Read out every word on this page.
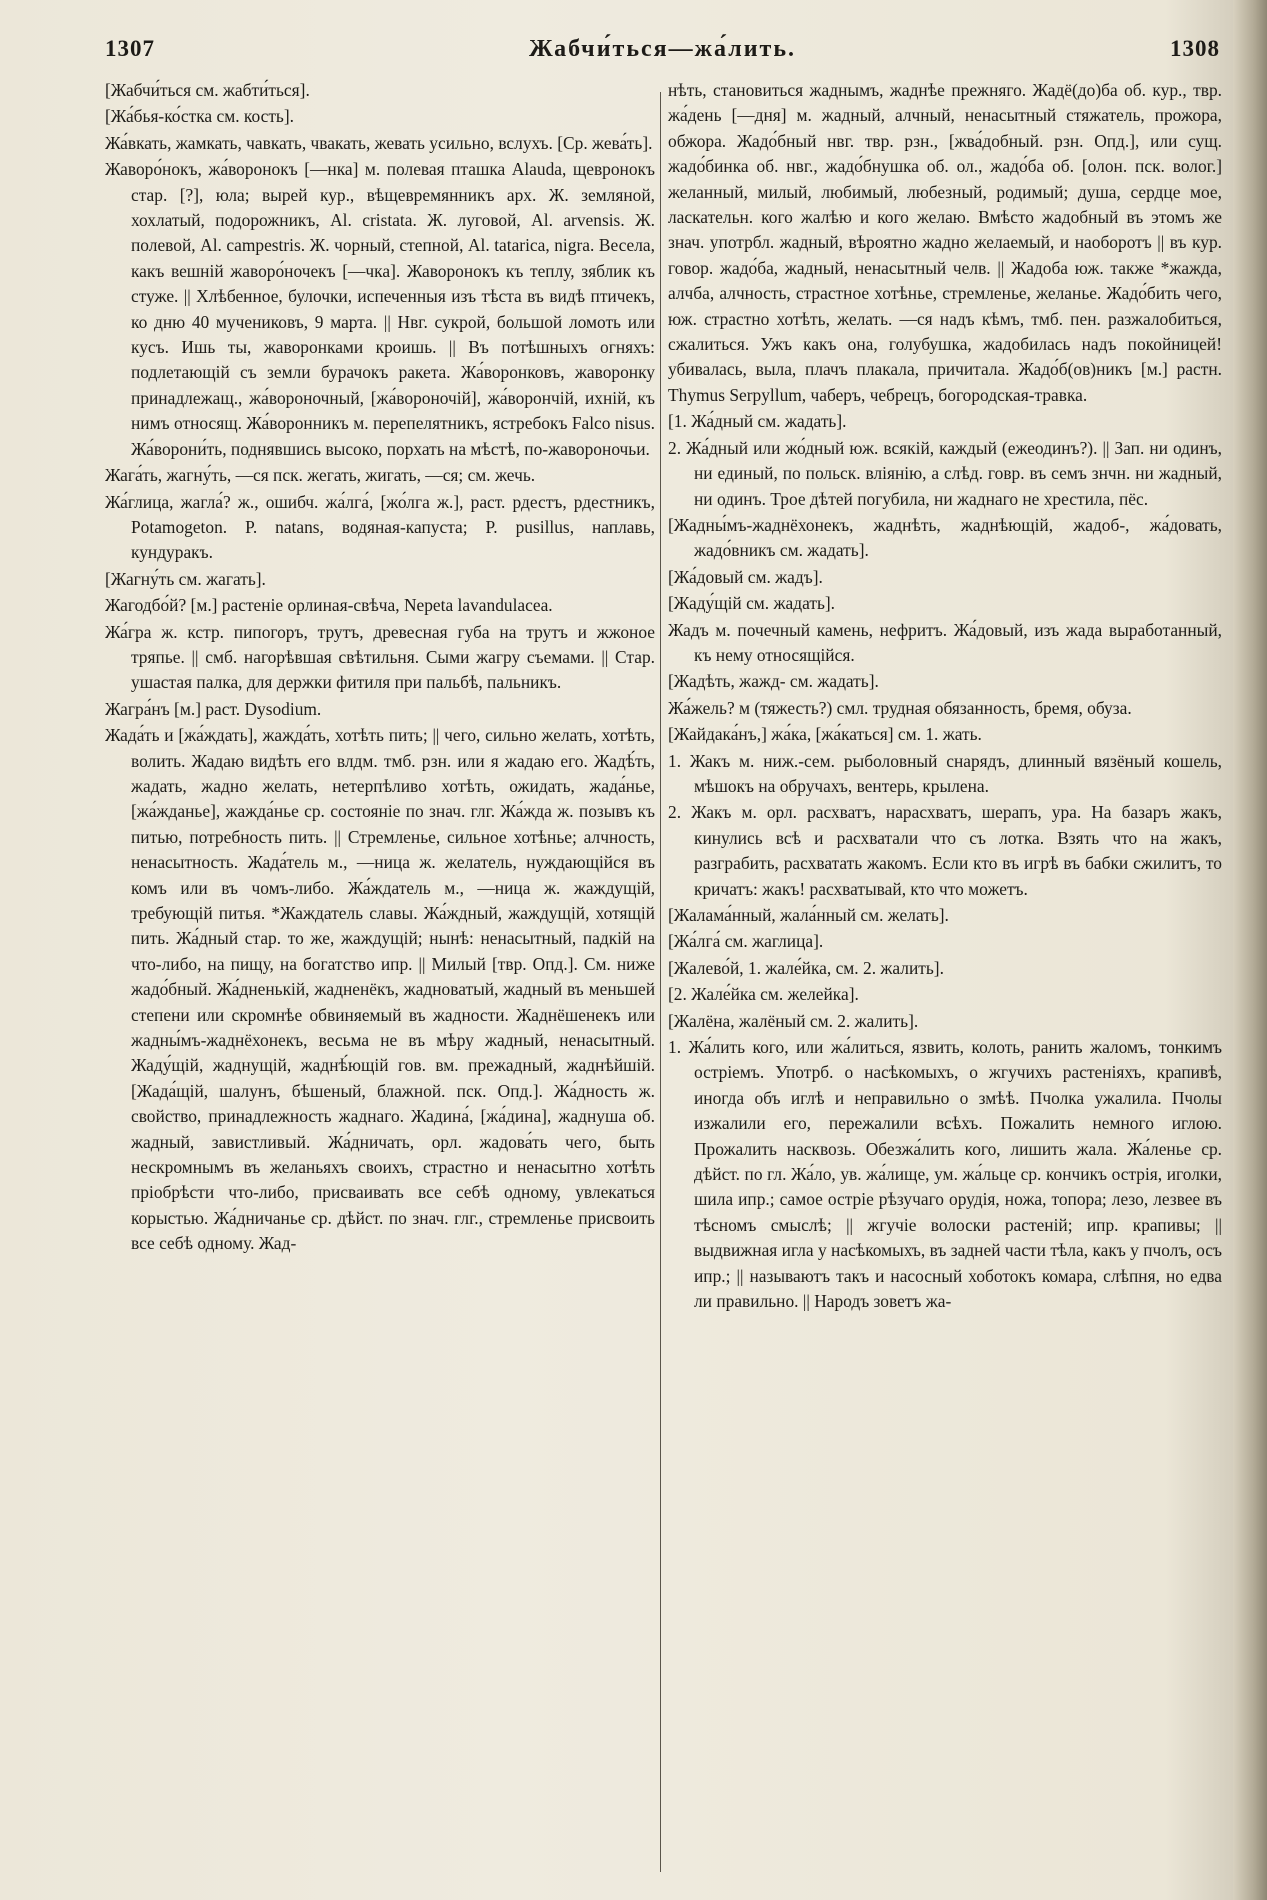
1307	Жабчи́ться—жа́лить.	1308

[Жабчи́ться см. жабти́ться].

[Жа́бья-ко́стка см. кость].

Жа́вкать, жамкать, чавкать, чвакать, жевать усильно, вслухъ. [Ср. жева́ть].

Жаворо́нокъ, жа́воронокъ [—нка] м. полевая пташка Alauda, щевронокъ стар. [?], юла; вырей кур., вѣщевремянникъ арх. Ж. земляной, хохлатый, подорожникъ, Al. cristata. Ж. луговой, Al. arvensis. Ж. полевой, Al. campestris. Ж. чорный, степной, Al. tatarica, nigra. Весела, какъ вешній жаворо́ночекъ [—чка]. Жаворонокъ къ теплу, зяблик къ стуже. || Хлѣбенное, булочки, испеченныя изъ тѣста въ видѣ птичекъ, ко дню 40 мучениковъ, 9 марта. || Нвг. сукрой, большой ломоть или кусъ. Ишь ты, жаворонками кроишь. || Въ потѣшныхъ огняхъ: подлетающій съ земли бурачокъ ракета. Жа́воронковъ, жаворонку принадлежащ., жа́вороночный, [жа́вороночій], жа́ворончій, ихній, къ нимъ относящ. Жа́воронникъ м. перепелятникъ, ястребокъ Falco nisus. Жа́ворони́ть, поднявшись высоко, порхать на мѣстѣ, по-жавороночьи.

Жага́ть, жагну́ть, —ся пск. жегать, жигать, —ся; см. жечь.

Жа́глица, жагла́? ж., ошибч. жа́лга́, [жо́лга ж.], раст. рдестъ, рдестникъ, Potamogeton. P. natans, водяная-капуста; P. pusillus, наплавь, кундуракъ.

[Жагну́ть см. жагать].

Жагодбо́й? [м.] растеніе орлиная-свѣча, Nepeta lavandulacea.

Жа́гра ж. кстр. пипогоръ, трутъ, древесная губа на трутъ и жжоное тряпье. || смб. нагорѣвшая свѣтильня. Сыми жагру съемами. || Стар. ушастая палка, для держки фитиля при пальбѣ, пальникъ.

Жагра́нъ [м.] раст. Dysodium.

Жада́ть и [жа́ждать], жажда́ть, хотѣть пить; || чего, сильно желать, хотѣть, волить. Жадаю видѣть его влдм. тмб. рзн. или я жадаю его. Жадѣ́ть, жадать, жадно желать, нетерпѣливо хотѣть, ожидать, жада́нье, [жа́жданье], жажда́нье ср. состояніе по знач. глг. Жа́жда ж. позывъ къ питью, потребность пить. || Стремленье, сильное хотѣнье; алчность, ненасытность. Жада́тель м., —ница ж. желатель, нуждающійся въ комъ или въ чомъ-либо. Жа́ждатель м., —ница ж. жаждущій, требующій питья. *Жаждатель славы. Жа́ждный, жаждущій, хотящій пить. Жа́дный стар. то же, жаждущій; нынѣ: ненасытный, падкій на что-либо, на пищу, на богатство ипр. || Милый [твр. Опд.]. См. ниже жадо́бный. Жа́дненькій, жадненёкъ, жадноватый, жадный въ меньшей степени или скромнѣе обвиняемый въ жадности. Жаднёшенекъ или жадны́мъ-жаднёхонекъ, весьма не въ мѣру жадный, ненасытный. Жаду́щій, жаднущій, жаднѣ́ющій гов. вм. прежадный, жаднѣйшій. [Жада́щій, шалунъ, бѣшеный, блажной. пск. Опд.]. Жа́дность ж. свойство, принадлежность жаднаго. Жадина́, [жа́дина], жаднуша об. жадный, завистливый. Жа́дничать, орл. жадова́ть чего, быть нескромнымъ въ желаньяхъ своихъ, страстно и ненасытно хотѣть пріобрѣсти что-либо, присваивать все себѣ одному, увлекаться корыстью. Жа́дничанье ср. дѣйст. по знач. глг., стремленье присвоить все себѣ одному. Жад-

нѣть, становиться жаднымъ, жаднѣе прежняго. Жадё(до)ба об. кур., твр. жа́день [—дня] м. жадный, алчный, ненасытный стяжатель, прожора, обжора. Жадо́бный нвг. твр. рзн., [жва́добный. рзн. Опд.], или сущ. жадо́бинка об. нвг., жадо́бнушка об. ол., жадо́ба об. [олон. пск. волог.] желанный, милый, любимый, любезный, родимый; душа, сердце мое, ласкательн. кого жалѣю и кого желаю. Вмѣсто жадобный въ этомъ же знач. употрбл. жадный, вѣроятно жадно желаемый, и наоборотъ || въ кур. говор. жадо́ба, жадный, ненасытный челв. || Жадоба юж. также *жажда, алчба, алчность, страстное хотѣнье, стремленье, желанье. Жадо́бить чего, юж. страстно хотѣть, желать. —ся надъ кѣмъ, тмб. пен. разжалобиться, сжалиться. Ужъ какъ она, голубушка, жадобилась надъ покойницей! убивалась, выла, плачъ плакала, причитала. Жадо́б(ов)никъ [м.] растн. Thymus Serpyllum, чаберъ, чебрецъ, богородская-травка.

[1. Жа́дный см. жадать].

2. Жа́дный или жо́дный юж. всякій, каждый (ежеодинъ?). || Зап. ни одинъ, ни единый, по польск. вліянію, а слѣд. говр. въ семъ знчн. ни жадный, ни одинъ. Трое дѣтей погубила, ни жаднаго не хрестила, пёс.

[Жадны́мъ-жаднёхонекъ, жаднѣть, жаднѣющій, жадоб-, жа́довать, жадо́вникъ см. жадать].

[Жа́довый см. жадъ].

[Жаду́щій см. жадать].

Жадъ м. почечный камень, нефритъ. Жа́довый, изъ жада выработанный, къ нему относящійся.

[Жадѣть, жажд- см. жадать].

Жа́жель? м (тяжесть?) смл. трудная обязанность, бремя, обуза.

[Жайдака́нъ,] жа́ка, [жа́каться] см. 1. жать.

1. Жакъ м. ниж.-сем. рыболовный снарядъ, длинный вязёный кошель, мѣшокъ на обручахъ, вентерь, крылена.

2. Жакъ м. орл. расхватъ, нарасхватъ, шерапъ, ура. На базаръ жакъ, кинулись всѣ и расхватали что съ лотка. Взять что на жакъ, разграбить, расхватать жакомъ. Если кто въ игрѣ въ бабки сжилитъ, то кричатъ: жакъ! расхватывай, кто что можетъ.

[Жалама́нный, жала́нный см. желать].

[Жа́лга́ см. жаглица].

[Жалево́й, 1. жале́йка, см. 2. жалить].

[2. Жале́йка см. желейка].

[Жалёна, жалёный см. 2. жалить].

1. Жа́лить кого, или жа́литься, язвить, колоть, ранить жаломъ, тонкимъ остріемъ. Употрб. о насѣкомыхъ, о жгучихъ растеніяхъ, крапивѣ, иногда объ иглѣ и неправильно о змѣѣ. Пчолка ужалила. Пчолы изжалили его, пережалили всѣхъ. Пожалить немного иглою. Прожалить насквозь. Обезжа́лить кого, лишить жала. Жа́ленье ср. дѣйст. по гл. Жа́ло, ув. жа́лище, ум. жа́льце ср. кончикъ острія, иголки, шила ипр.; самое остріе рѣзучаго орудія, ножа, топора; лезо, лезвее въ тѣсномъ смыслѣ; || жгучіе волоски растеній; ипр. крапивы; || выдвижная игла у насѣкомыхъ, въ задней части тѣла, какъ у пчолъ, осъ ипр.; || называютъ такъ и насосный хоботокъ комара, слѣпня, но едва ли правильно. || Народъ зоветъ жа-
